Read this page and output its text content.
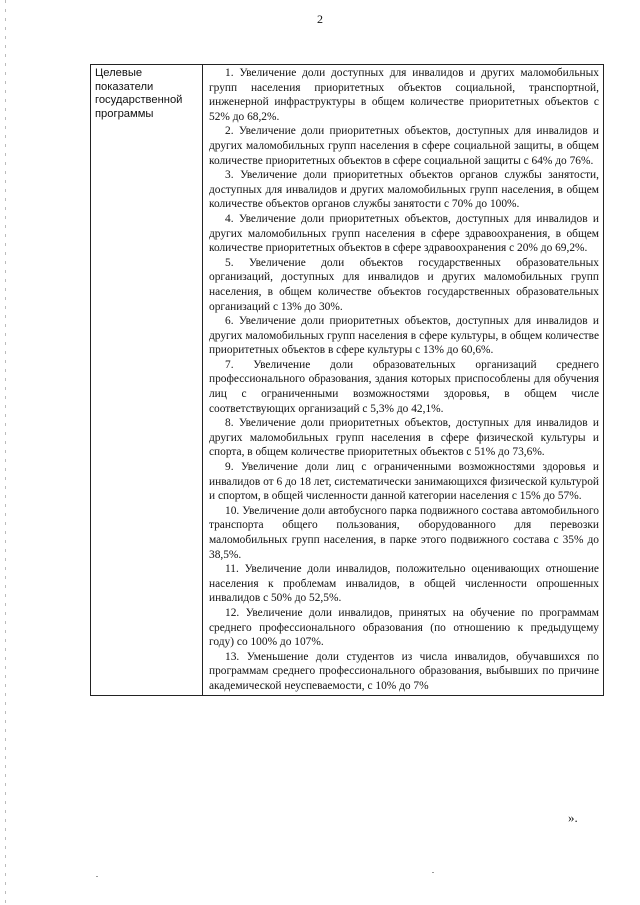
2
Целевые показатели государственной программы

1. Увеличение доли доступных для инвалидов и других маломобильных групп населения приоритетных объектов социальной, транспортной, инженерной инфраструктуры в общем количестве приоритетных объектов с 52% до 68,2%.

2. Увеличение доли приоритетных объектов, доступных для инвалидов и других маломобильных групп населения в сфере социальной защиты, в общем количестве приоритетных объектов в сфере социальной защиты с 64% до 76%.

3. Увеличение доли приоритетных объектов органов службы занятости, доступных для инвалидов и других маломобильных групп населения, в общем количестве объектов органов службы занятости с 70% до 100%.

4. Увеличение доли приоритетных объектов, доступных для инвалидов и других маломобильных групп населения в сфере здравоохранения, в общем количестве приоритетных объектов в сфере здравоохранения с 20% до 69,2%.

5. Увеличение доли объектов государственных образовательных организаций, доступных для инвалидов и других маломобильных групп населения, в общем количестве объектов государственных образовательных организаций с 13% до 30%.

6. Увеличение доли приоритетных объектов, доступных для инвалидов и других маломобильных групп населения в сфере культуры, в общем количестве приоритетных объектов в сфере культуры с 13% до 60,6%.

7. Увеличение доли образовательных организаций среднего профессионального образования, здания которых приспособлены для обучения лиц с ограниченными возможностями здоровья, в общем числе соответствующих организаций с 5,3% до 42,1%.

8. Увеличение доли приоритетных объектов, доступных для инвалидов и других маломобильных групп населения в сфере физической культуры и спорта, в общем количестве приоритетных объектов с 51% до 73,6%.

9. Увеличение доли лиц с ограниченными возможностями здоровья и инвалидов от 6 до 18 лет, систематически занимающихся физической культурой и спортом, в общей численности данной категории населения с 15% до 57%.

10. Увеличение доли автобусного парка подвижного состава автомобильного транспорта общего пользования, оборудованного для перевозки маломобильных групп населения, в парке этого подвижного состава с 35% до 38,5%.

11. Увеличение доли инвалидов, положительно оценивающих отношение населения к проблемам инвалидов, в общей численности опрошенных инвалидов с 50% до 52,5%.

12. Увеличение доли инвалидов, принятых на обучение по программам среднего профессионального образования (по отношению к предыдущему году) со 100% до 107%.

13. Уменьшение доли студентов из числа инвалидов, обучавшихся по программам среднего профессионального образования, выбывших по причине академической неуспеваемости, с 10% до 7%

».
